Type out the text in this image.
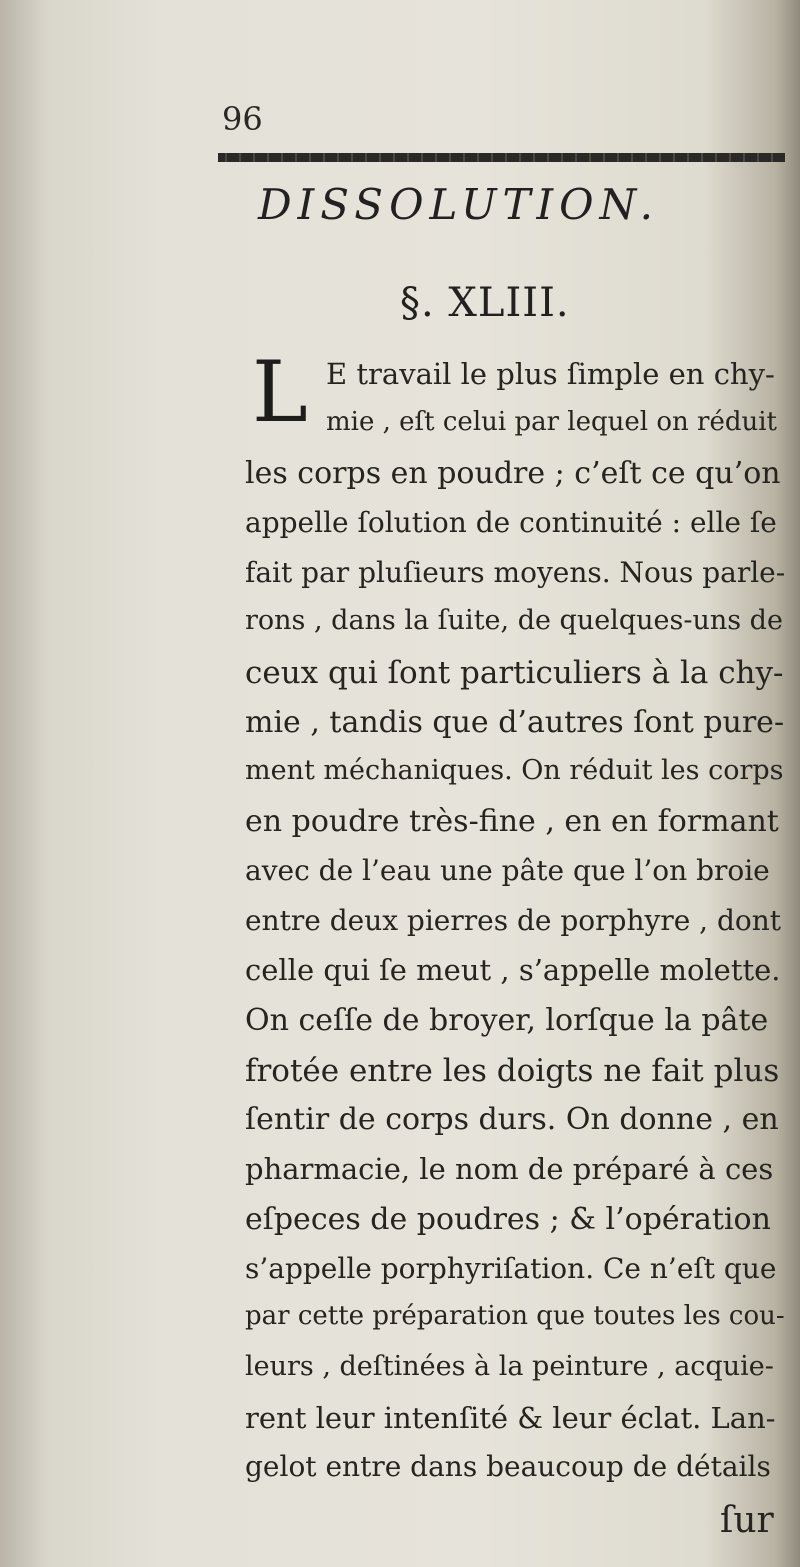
96
DISSOLUTION.
§. XLIII.
L E travail le plus ſimple en chy-
mie , eſt celui par lequel on réduit
les corps en poudre ; c’eſt ce qu’on
appelle ſolution de continuité : elle ſe
fait par pluſieurs moyens. Nous parle-
rons , dans la ſuite, de quelques-uns de
ceux qui ſont particuliers à la chy-
mie , tandis que d’autres ſont pure-
ment méchaniques. On réduit les corps
en poudre très-fine , en en formant
avec de l’eau une pâte que l’on broie
entre deux pierres de porphyre , dont
celle qui ſe meut , s’appelle molette.
On ceſſe de broyer, lorſque la pâte
frotée entre les doigts ne fait plus
ſentir de corps durs. On donne , en
pharmacie, le nom de préparé à ces
eſpeces de poudres ; & l’opération
s’appelle porphyriſation. Ce n’eſt que
par cette préparation que toutes les cou-
leurs , deſtinées à la peinture , acquie-
rent leur intenſité & leur éclat. Lan-
gelot entre dans beaucoup de détails
ſur
